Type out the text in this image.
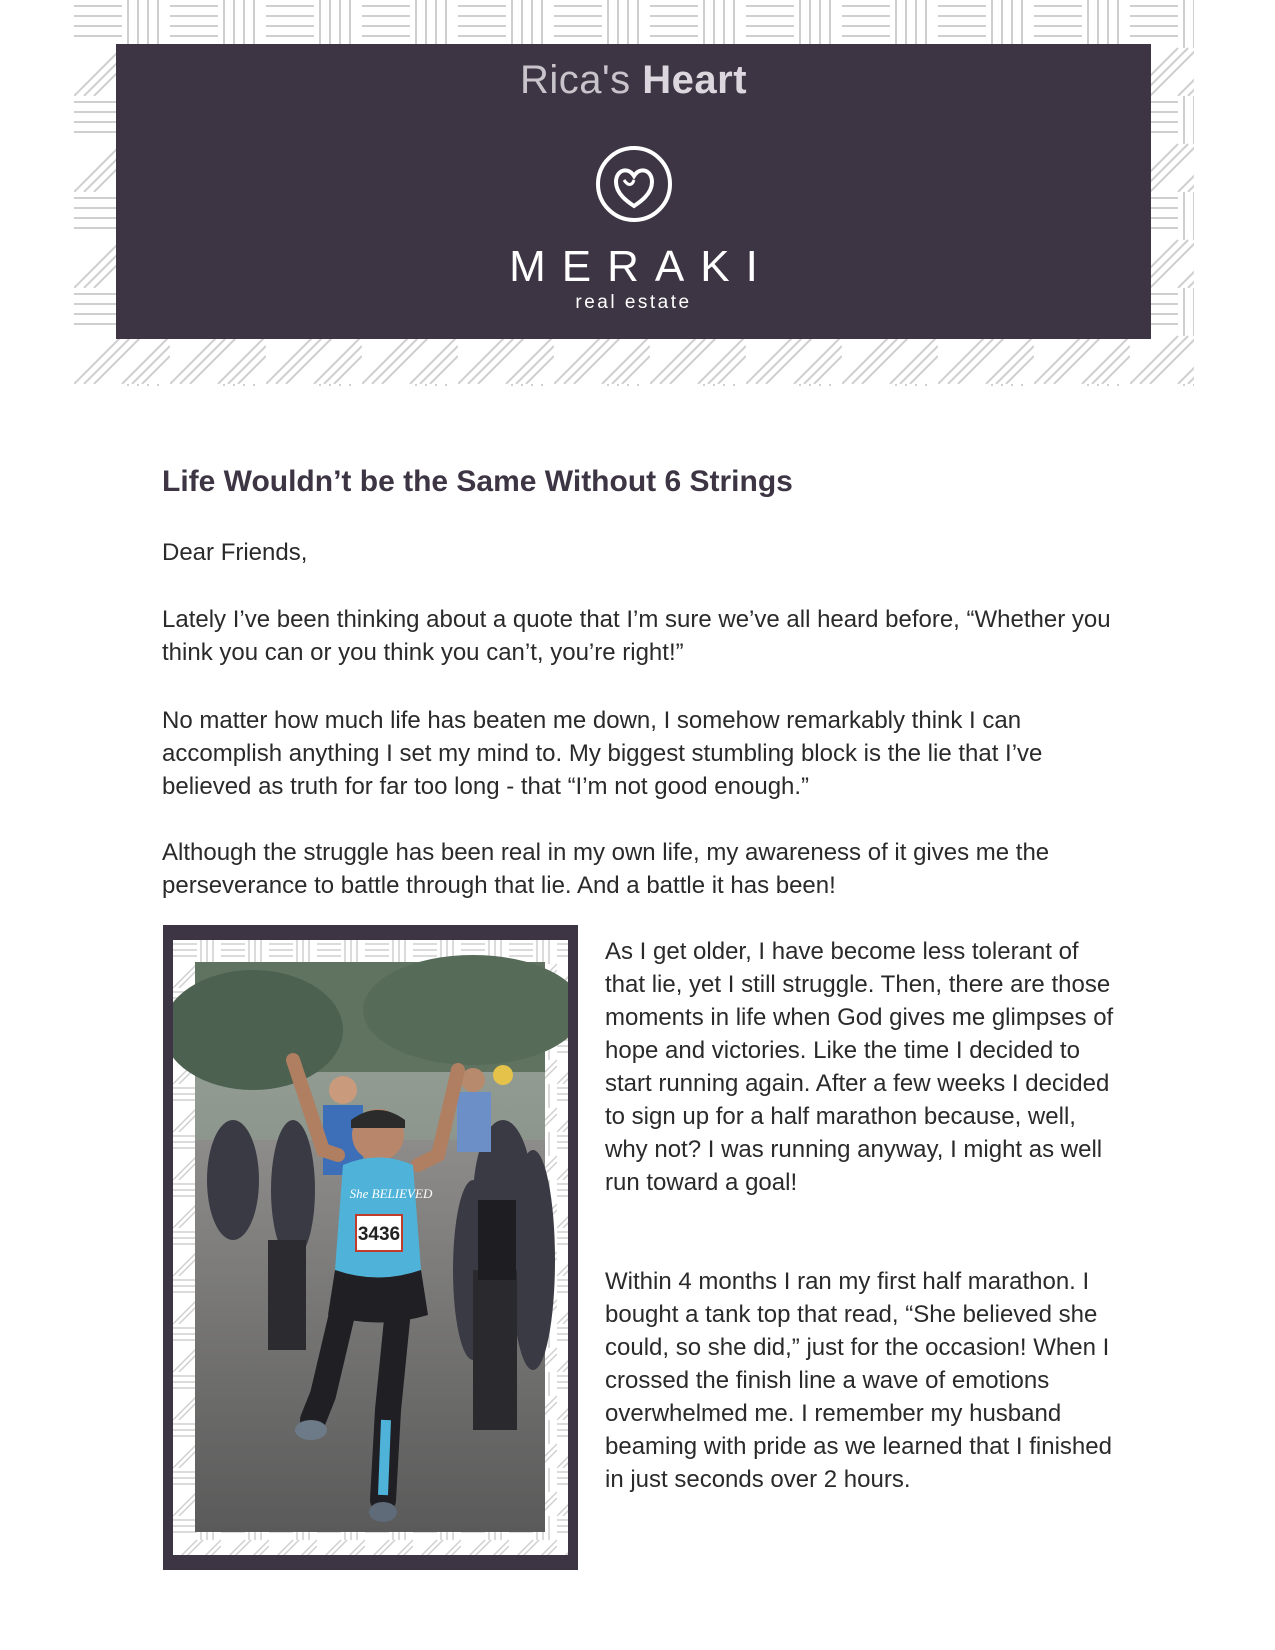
Rica's Heart
MERAKI
real estate
Life Wouldn’t be the Same Without 6 Strings

Dear Friends,

Lately I’ve been thinking about a quote that I’m sure we’ve all heard before, “Whether you think you can or you think you can’t, you’re right!”

No matter how much life has beaten me down, I somehow remarkably think I can accomplish anything I set my mind to. My biggest stumbling block is the lie that I’ve believed as truth for far too long - that “I’m not good enough.”

Although the struggle has been real in my own life, my awareness of it gives me the perseverance to battle through that lie. And a battle it has been!

3436
She BELIEVED

As I get older, I have become less tolerant of that lie, yet I still struggle. Then, there are those moments in life when God gives me glimpses of hope and victories. Like the time I decided to start running again. After a few weeks I decided to sign up for a half marathon because, well, why not? I was running anyway, I might as well run toward a goal!

Within 4 months I ran my first half marathon. I bought a tank top that read, “She believed she could, so she did,” just for the occasion! When I crossed the finish line a wave of emotions overwhelmed me. I remember my husband beaming with pride as we learned that I finished in just seconds over 2 hours.
